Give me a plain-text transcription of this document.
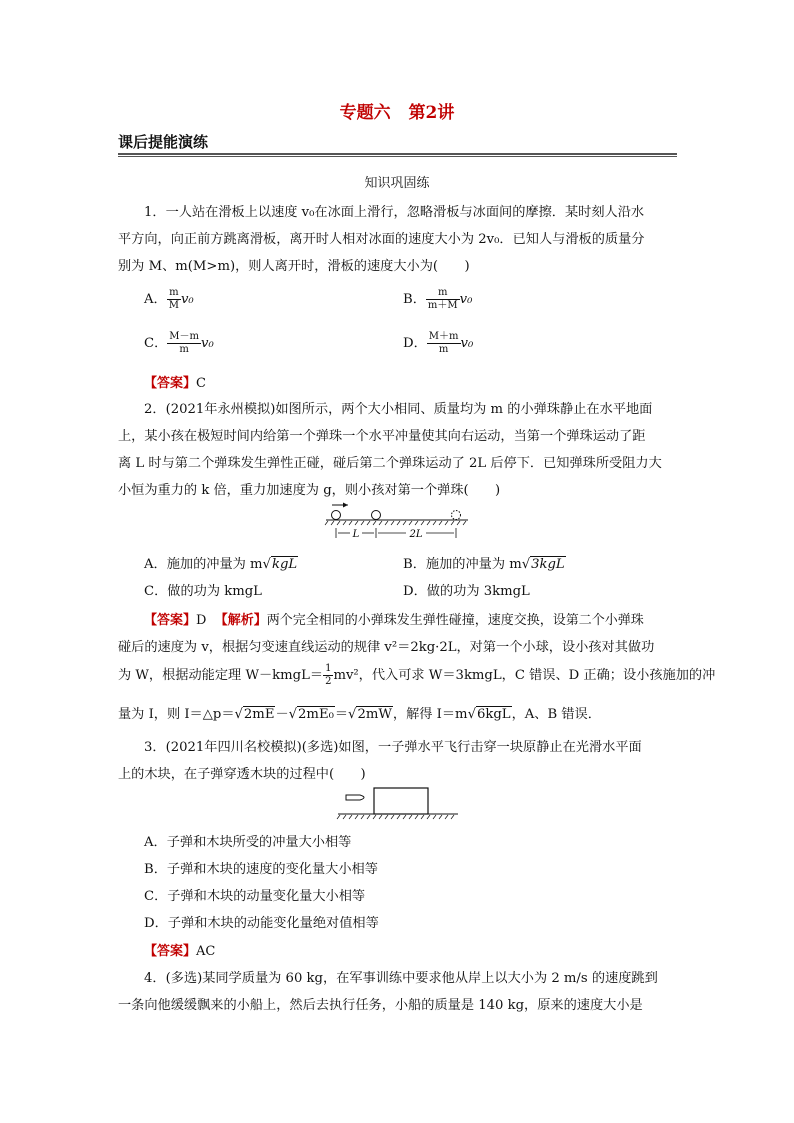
专题六 第2讲
课后提能演练
知识巩固练
1．一人站在滑板上以速度 v₀在冰面上滑行，忽略滑板与冰面间的摩擦．某时刻人沿水
平方向，向正前方跳离滑板，离开时人相对冰面的速度大小为 2v₀．已知人与滑板的质量分
别为 M、m(M>m)，则人离开时，滑板的速度大小为(　　)
A． $\frac{m}{M} v_0$	B． $\frac{m}{m+M} v_0$
C． $\frac{M-m}{m} v_0$	D． $\frac{M+m}{m} v_0$
【答案】C
2．(2021年永州模拟)如图所示，两个大小相同、质量均为 m 的小弹珠静止在水平地面
上，某小孩在极短时间内给第一个弹珠一个水平冲量使其向右运动，当第一个弹珠运动了距
离 L 时与第二个弹珠发生弹性正碰，碰后第二个弹珠运动了 2L 后停下．已知弹珠所受阻力大
小恒为重力的 k 倍，重力加速度为 g，则小孩对第一个弹珠(　　)
L	2L
A．施加的冲量为 m√kgL	B．施加的冲量为 m√3kgL
C．做的功为 kmgL	D．做的功为 3kmgL
【答案】D 【解析】两个完全相同的小弹珠发生弹性碰撞，速度交换，设第二个小弹珠
碰后的速度为 v，根据匀变速直线运动的规律 v²＝2kg·2L，对第一个小球，设小孩对其做功
为 W，根据动能定理 W－kmgL＝ $\frac{1}{2} mv^2$，代入可求 W＝3kmgL，C 错误、D 正确；设小孩施加的冲
量为 I，则 I＝△p＝√2mE－√2mE₀＝√2mW，解得 I＝m√6kgL，A、B 错误．
3．(2021年四川名校模拟)(多选)如图，一子弹水平飞行击穿一块原静止在光滑水平面
上的木块，在子弹穿透木块的过程中(　　)
A．子弹和木块所受的冲量大小相等
B．子弹和木块的速度的变化量大小相等
C．子弹和木块的动量变化量大小相等
D．子弹和木块的动能变化量绝对值相等
【答案】AC
4．(多选)某同学质量为 60 kg，在军事训练中要求他从岸上以大小为 2 m/s 的速度跳到
一条向他缓缓飘来的小船上，然后去执行任务，小船的质量是 140 kg，原来的速度大小是
